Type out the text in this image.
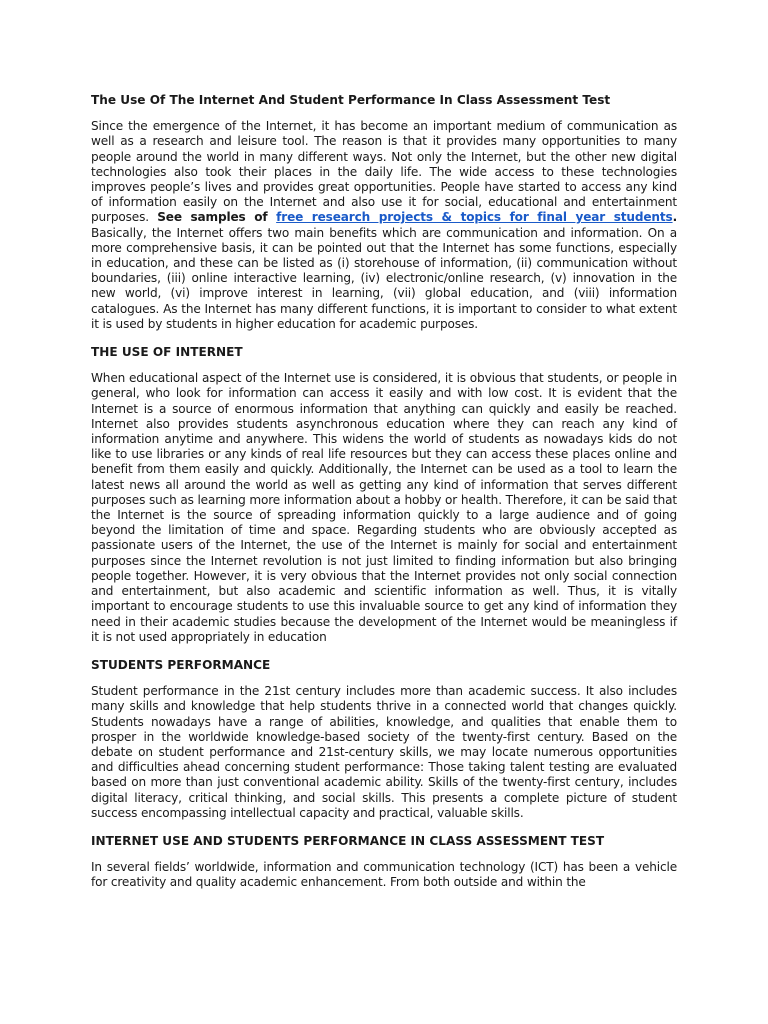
The Use Of The Internet And Student Performance In Class Assessment Test

Since the emergence of the Internet, it has become an important medium of communication as well as a research and leisure tool. The reason is that it provides many opportunities to many people around the world in many different ways. Not only the Internet, but the other new digital technologies also took their places in the daily life. The wide access to these technologies improves people’s lives and provides great opportunities. People have started to access any kind of information easily on the Internet and also use it for social, educational and entertainment purposes. See samples of free research projects & topics for final year students. Basically, the Internet offers two main benefits which are communication and information. On a more comprehensive basis, it can be pointed out that the Internet has some functions, especially in education, and these can be listed as (i) storehouse of information, (ii) communication without boundaries, (iii) online interactive learning, (iv) electronic/online research, (v) innovation in the new world, (vi) improve interest in learning, (vii) global education, and (viii) information catalogues. As the Internet has many different functions, it is important to consider to what extent it is used by students in higher education for academic purposes.

THE USE OF INTERNET

When educational aspect of the Internet use is considered, it is obvious that students, or people in general, who look for information can access it easily and with low cost. It is evident that the Internet is a source of enormous information that anything can quickly and easily be reached. Internet also provides students asynchronous education where they can reach any kind of information anytime and anywhere. This widens the world of students as nowadays kids do not like to use libraries or any kinds of real life resources but they can access these places online and benefit from them easily and quickly. Additionally, the Internet can be used as a tool to learn the latest news all around the world as well as getting any kind of information that serves different purposes such as learning more information about a hobby or health. Therefore, it can be said that the Internet is the source of spreading information quickly to a large audience and of going beyond the limitation of time and space. Regarding students who are obviously accepted as passionate users of the Internet, the use of the Internet is mainly for social and entertainment purposes since the Internet revolution is not just limited to finding information but also bringing people together. However, it is very obvious that the Internet provides not only social connection and entertainment, but also academic and scientific information as well. Thus, it is vitally important to encourage students to use this invaluable source to get any kind of information they need in their academic studies because the development of the Internet would be meaningless if it is not used appropriately in education

STUDENTS PERFORMANCE

Student performance in the 21st century includes more than academic success. It also includes many skills and knowledge that help students thrive in a connected world that changes quickly. Students nowadays have a range of abilities, knowledge, and qualities that enable them to prosper in the worldwide knowledge-based society of the twenty-first century. Based on the debate on student performance and 21st-century skills, we may locate numerous opportunities and difficulties ahead concerning student performance: Those taking talent testing are evaluated based on more than just conventional academic ability. Skills of the twenty-first century, includes digital literacy, critical thinking, and social skills. This presents a complete picture of student success encompassing intellectual capacity and practical, valuable skills.

INTERNET USE AND STUDENTS PERFORMANCE IN CLASS ASSESSMENT TEST

In several fields’ worldwide, information and communication technology (ICT) has been a vehicle for creativity and quality academic enhancement. From both outside and within the
